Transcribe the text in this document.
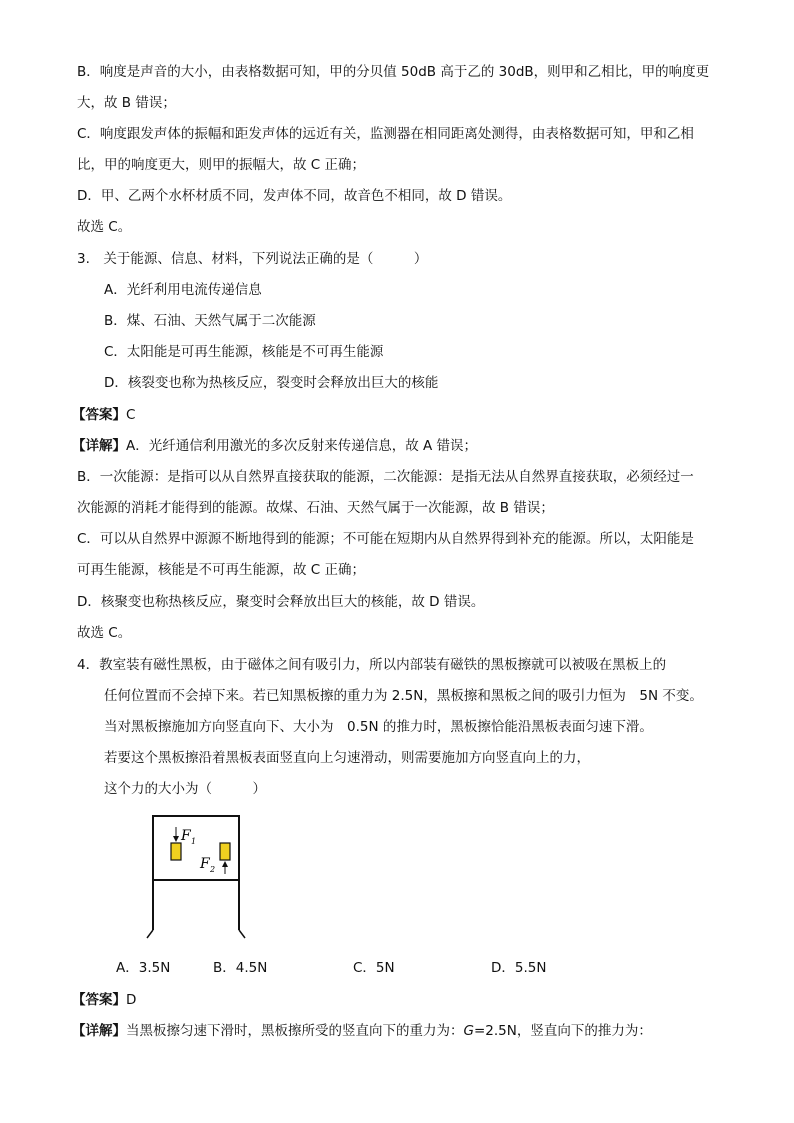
B．响度是声音的大小，由表格数据可知，甲的分贝值 50dB 高于乙的 30dB，则甲和乙相比，甲的响度更
大，故 B 错误；
C．响度跟发声体的振幅和距发声体的远近有关，监测器在相同距离处测得，由表格数据可知，甲和乙相
比，甲的响度更大，则甲的振幅大，故 C 正确；
D．甲、乙两个水杯材质不同，发声体不同，故音色不相同，故 D 错误。
故选 C。
3.　关于能源、信息、材料，下列说法正确的是（　　　）
A．光纤利用电流传递信息
B．煤、石油、天然气属于二次能源
C．太阳能是可再生能源，核能是不可再生能源
D．核裂变也称为热核反应，裂变时会释放出巨大的核能
【答案】C
【详解】A．光纤通信利用激光的多次反射来传递信息，故 A 错误；
B．一次能源：是指可以从自然界直接获取的能源，二次能源：是指无法从自然界直接获取，必须经过一
次能源的消耗才能得到的能源。故煤、石油、天然气属于一次能源，故 B 错误；
C．可以从自然界中源源不断地得到的能源；不可能在短期内从自然界得到补充的能源。所以，太阳能是
可再生能源，核能是不可再生能源，故 C 正确；
D．核聚变也称热核反应，聚变时会释放出巨大的核能，故 D 错误。
故选 C。
4．教室装有磁性黑板，由于磁体之间有吸引力，所以内部装有磁铁的黑板擦就可以被吸在黑板上的
任何位置而不会掉下来。若已知黑板擦的重力为 2.5N，黑板擦和黑板之间的吸引力恒为　5N 不变。
当对黑板擦施加方向竖直向下、大小为　0.5N 的推力时，黑板擦恰能沿黑板表面匀速下滑。
若要这个黑板擦沿着黑板表面竖直向上匀速滑动，则需要施加方向竖直向上的力，
这个力的大小为（　　　）
F 1
F 2
A．3.5N	B．4.5N	C．5N	D．5.5N
【答案】D
【详解】当黑板擦匀速下滑时，黑板擦所受的竖直向下的重力为：G=2.5N，竖直向下的推力为：
